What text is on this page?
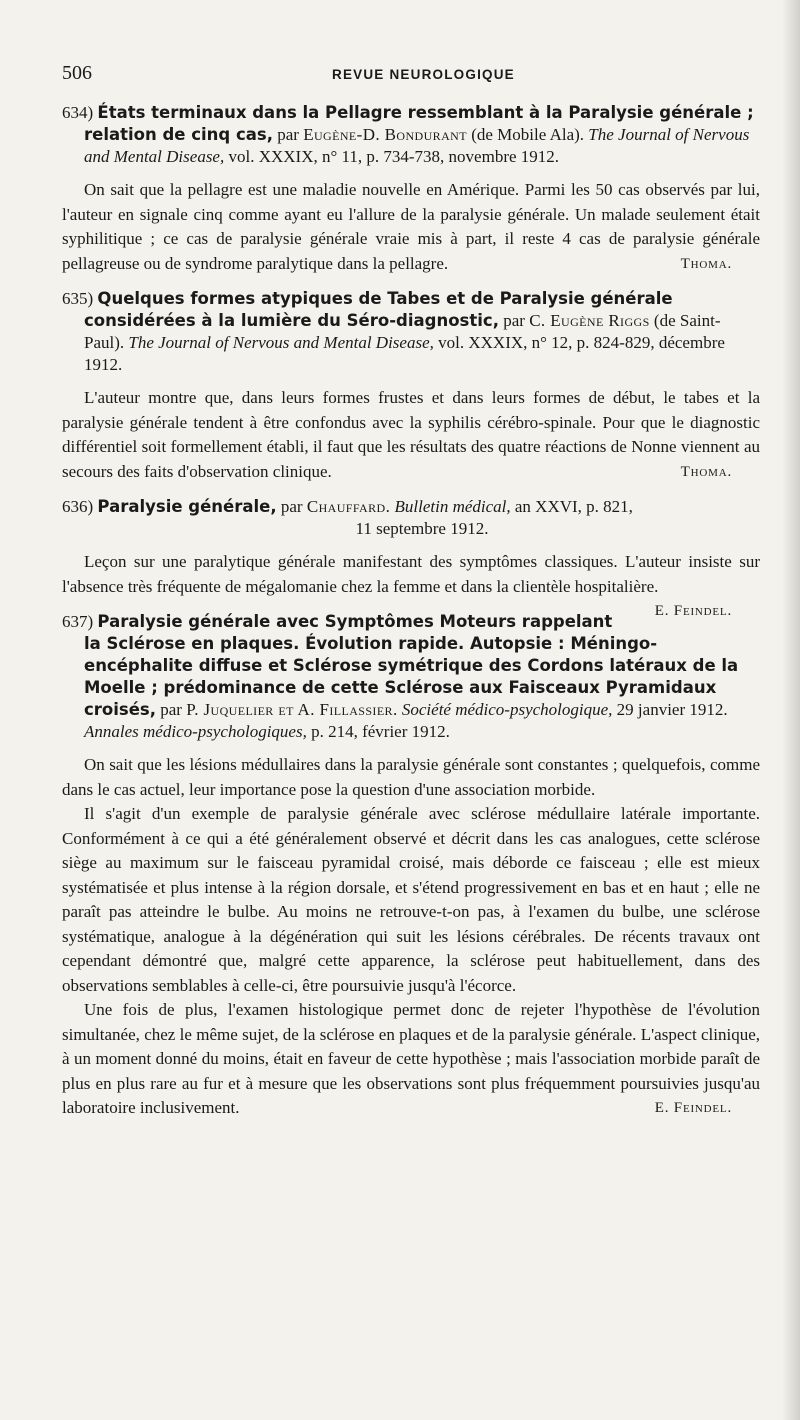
506	REVUE NEUROLOGIQUE

634) États terminaux dans la Pellagre ressemblant à la Paralysie générale ; relation de cinq cas, par Eugène-D. Bondurant (de Mobile Ala). The Journal of Nervous and Mental Disease, vol. XXXIX, n° 11, p. 734-738, novembre 1912.

On sait que la pellagre est une maladie nouvelle en Amérique. Parmi les 50 cas observés par lui, l'auteur en signale cinq comme ayant eu l'allure de la paralysie générale. Un malade seulement était syphilitique ; ce cas de paralysie générale vraie mis à part, il reste 4 cas de paralysie générale pellagreuse ou de syndrome paralytique dans la pellagre.	Thoma.

635) Quelques formes atypiques de Tabes et de Paralysie générale considérées à la lumière du Séro-diagnostic, par C. Eugène Riggs (de Saint-Paul). The Journal of Nervous and Mental Disease, vol. XXXIX, n° 12, p. 824-829, décembre 1912.

L'auteur montre que, dans leurs formes frustes et dans leurs formes de début, le tabes et la paralysie générale tendent à être confondus avec la syphilis cérébro-spinale. Pour que le diagnostic différentiel soit formellement établi, il faut que les résultats des quatre réactions de Nonne viennent au secours des faits d'observation clinique.	Thoma.

636) Paralysie générale, par Chauffard. Bulletin médical, an XXVI, p. 821,

11 septembre 1912.

Leçon sur une paralytique générale manifestant des symptômes classiques. L'auteur insiste sur l'absence très fréquente de mégalomanie chez la femme et dans la clientèle hospitalière.
E. Feindel.

637) Paralysie générale avec Symptômes Moteurs rappelant la Sclérose en plaques. Évolution rapide. Autopsie : Méningo-encéphalite diffuse et Sclérose symétrique des Cordons latéraux de la Moelle ; prédominance de cette Sclérose aux Faisceaux Pyramidaux croisés, par P. Juquelier et A. Fillassier. Société médico-psychologique, 29 janvier 1912. Annales médico-psychologiques, p. 214, février 1912.

On sait que les lésions médullaires dans la paralysie générale sont constantes ; quelquefois, comme dans le cas actuel, leur importance pose la question d'une association morbide.

Il s'agit d'un exemple de paralysie générale avec sclérose médullaire latérale importante. Conformément à ce qui a été généralement observé et décrit dans les cas analogues, cette sclérose siège au maximum sur le faisceau pyramidal croisé, mais déborde ce faisceau ; elle est mieux systématisée et plus intense à la région dorsale, et s'étend progressivement en bas et en haut ; elle ne paraît pas atteindre le bulbe. Au moins ne retrouve-t-on pas, à l'examen du bulbe, une sclérose systématique, analogue à la dégénération qui suit les lésions cérébrales. De récents travaux ont cependant démontré que, malgré cette apparence, la sclérose peut habituellement, dans des observations semblables à celle-ci, être poursuivie jusqu'à l'écorce.

Une fois de plus, l'examen histologique permet donc de rejeter l'hypothèse de l'évolution simultanée, chez le même sujet, de la sclérose en plaques et de la paralysie générale. L'aspect clinique, à un moment donné du moins, était en faveur de cette hypothèse ; mais l'association morbide paraît de plus en plus rare au fur et à mesure que les observations sont plus fréquemment poursuivies jusqu'au laboratoire inclusivement.	E. Feindel.
